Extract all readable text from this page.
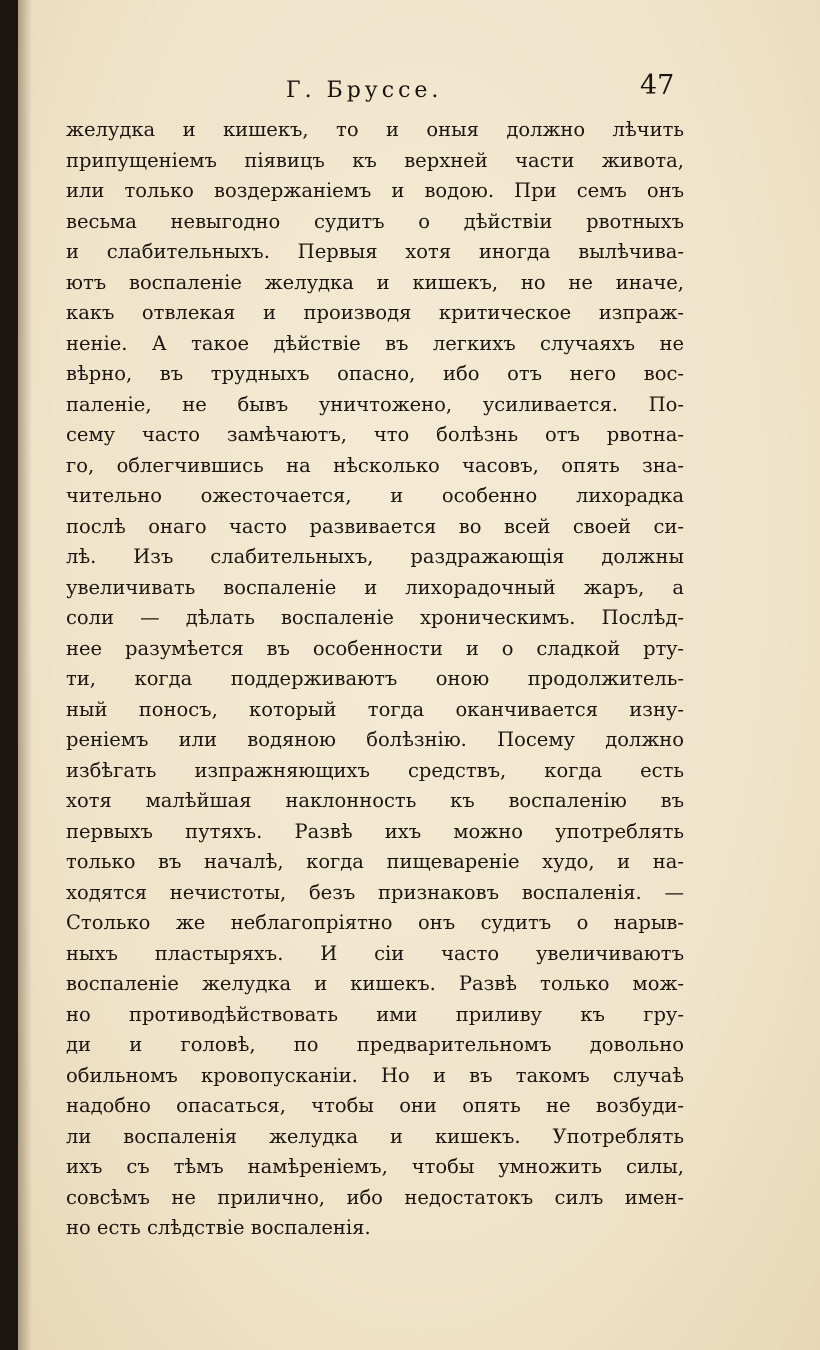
Г. Бруссе.	47
желудка и кишекъ, то и оныя должно лѣчить
припущеніемъ піявицъ къ верхней части живота,
или только воздержаніемъ и водою. При семъ онъ
весьма невыгодно судитъ о дѣйствіи рвотныхъ
и слабительныхъ. Первыя хотя иногда вылѣчива-
ютъ воспаленіе желудка и кишекъ, но не иначе,
какъ отвлекая и производя критическое изпраж-
неніе. А такое дѣйствіе въ легкихъ случаяхъ не
вѣрно, въ трудныхъ опасно, ибо отъ него вос-
паленіе, не бывъ уничтожено, усиливается. По-
сему часто замѣчаютъ, что болѣзнь отъ рвотна-
го, облегчившись на нѣсколько часовъ, опять зна-
чительно ожесточается, и особенно лихорадка
послѣ онаго часто развивается во всей своей си-
лѣ. Изъ слабительныхъ, раздражающія должны
увеличивать воспаленіе и лихорадочный жаръ, а
соли — дѣлать воспаленіе хроническимъ. Послѣд-
нее разумѣется въ особенности и о сладкой ртy-
ти, когда поддерживаютъ оною продолжитель-
ный поносъ, который тогда оканчивается изну-
реніемъ или водяною болѣзнію. Посему должно
избѣгать изпражняющихъ средствъ, когда есть
хотя малѣйшая наклонность къ воспаленію въ
первыхъ путяхъ. Развѣ ихъ можно употреблять
только въ началѣ, когда пищевареніе худо, и на-
ходятся нечистоты, безъ признаковъ воспаленія. —
Столько же неблагопріятно онъ судитъ о нарыв-
ныхъ пластыряхъ. И сіи часто увеличиваютъ
воспаленіе желудка и кишекъ. Развѣ только мож-
но противодѣйствовать ими приливу къ гру-
ди и головѣ, по предварительномъ довольно
обильномъ кровопусканіи. Но и въ такомъ случаѣ
надобно опасаться, чтобы они опять не возбуди-
ли воспаленія желудка и кишекъ. Употреблять
ихъ съ тѣмъ намѣреніемъ, чтобы умножить силы,
совсѣмъ не прилично, ибо недостатокъ силъ имен-
но есть слѣдствіе воспаленія.
